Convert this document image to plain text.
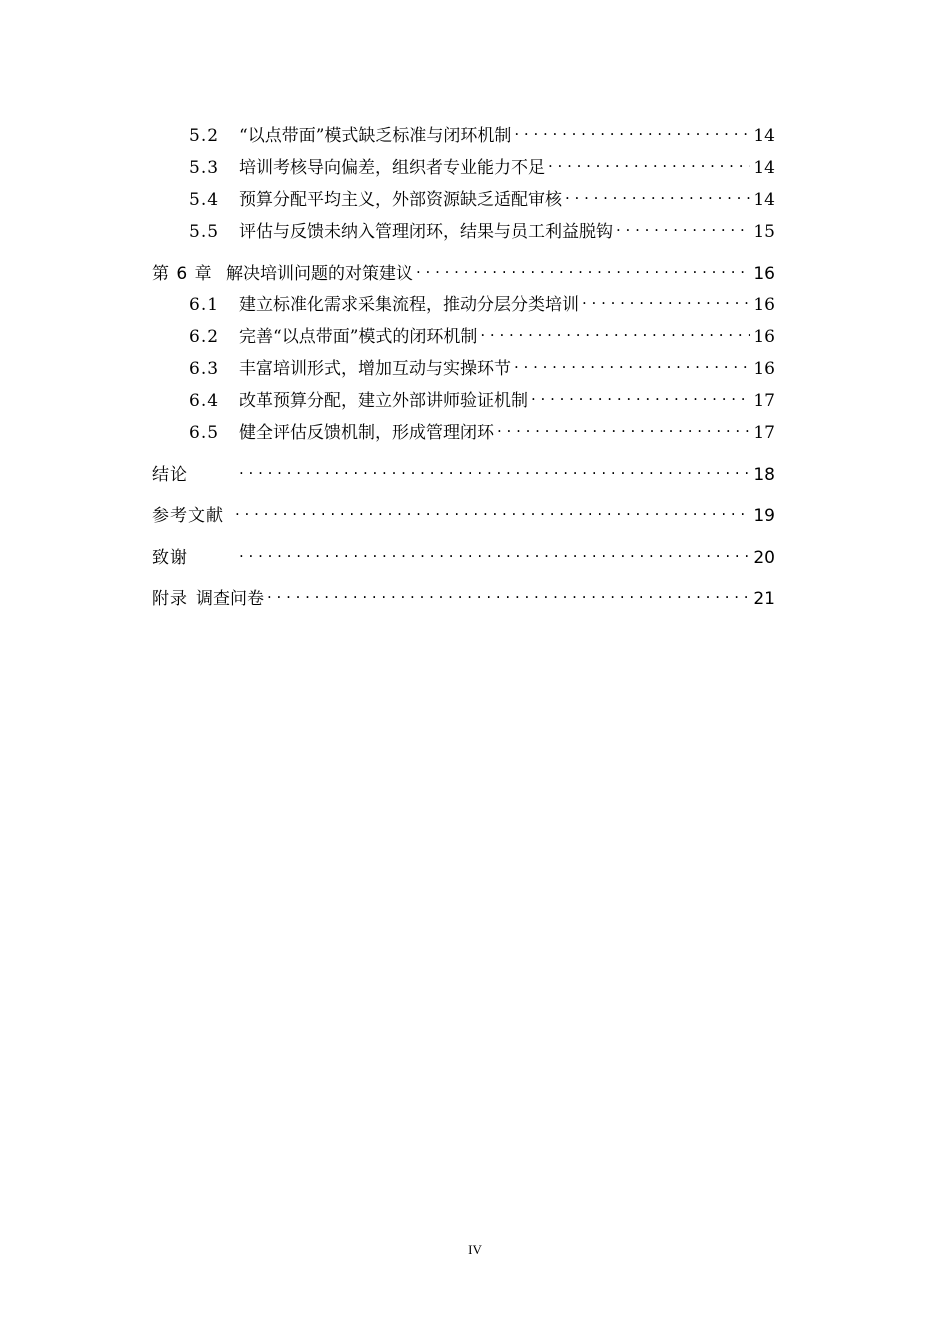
5.2	“以点带面”模式缺乏标准与闭环机制 . . .	14
5.3	培训考核导向偏差，组织者专业能力不足 . . .	14
5.4	预算分配平均主义，外部资源缺乏适配审核 . . .	14
5.5	评估与反馈未纳入管理闭环，结果与员工利益脱钩 . . .	15
第 6 章 解决培训问题的对策建议 . . .	16
6.1	建立标准化需求采集流程，推动分层分类培训 . . .	16
6.2	完善“以点带面”模式的闭环机制 . . .	16
6.3	丰富培训形式，增加互动与实操环节 . . .	16
6.4	改革预算分配，建立外部讲师验证机制 . . .	17
6.5	健全评估反馈机制，形成管理闭环 . . .	17
结论 . . .	18
参考文献 . . .	19
致谢 . . .	20
附录 调查问卷 . . .	21
IV
